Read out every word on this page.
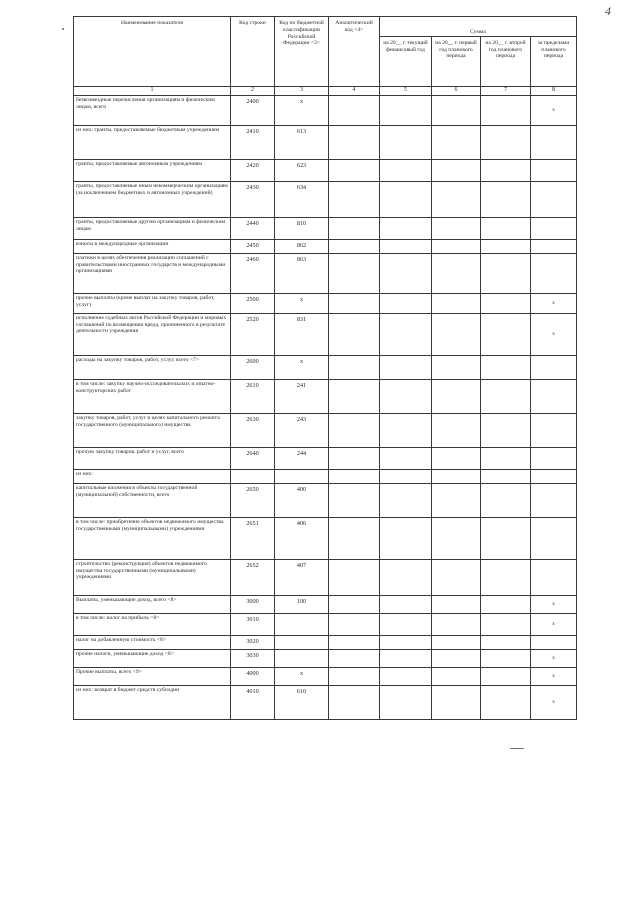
4
Наименование показателя	Код строки	Код по бюджетной классификации Российской Федерации <3>	Аналитический код <4>	Сумма			
				на 20__ г. текущий финансовый год	на 20__ г. первый год планового периода	на 20__ г. второй год планового периода	за пределами планового периода
1	2	3	4	5	6	7	8
безвозмездные перечисления организациям и физическим лицам, всего	2400	x					x
из них: гранты, предоставляемые бюджетным учреждениям	2410	613					
гранты, предоставляемые автономным учреждениям	2420	623					
гранты, предоставляемые иным некоммерческим организациям (за исключением бюджетных и автономных учреждений)	2430	634					
гранты, предоставляемые другим организациям и физическим лицам	2440	810					
взносы в международные организации	2450	862					
платежи в целях обеспечения реализации соглашений с правительствами иностранных государств и международными организациями	2460	863					
прочие выплаты (кроме выплат на закупку товаров, работ, услуг)	2500	x					x
исполнение судебных актов Российской Федерации и мировых соглашений по возмещению вреда, причиненного в результате деятельности учреждения	2520	831					x
расходы на закупку товаров, работ, услуг, всего <7>	2600	x					
в том числе: закупку научно-исследовательских и опытно-конструкторских работ	2610	241					
закупку товаров, работ, услуг в целях капитального ремонта государственного (муниципального) имущества	2630	243					
прочую закупку товаров, работ и услуг, всего	2640	244					
из них:							
капитальные вложения в объекты государственной (муниципальной) собственности, всего	2650	400					
в том числе: приобретение объектов недвижимого имущества государственными (муниципальными) учреждениями	2651	406					
строительство (реконструкция) объектов недвижимого имущества государственными (муниципальными) учреждениями	2652	407					
Выплаты, уменьшающие доход, всего <8>	3000	100					x
в том числе: налог на прибыль <8>	3010						x
налог на добавленную стоимость <8>	3020						
прочие налоги, уменьшающие доход <8>	3030						x
Прочие выплаты, всего <9>	4000	x					x
из них: возврат в бюджет средств субсидии	4010	610					x
